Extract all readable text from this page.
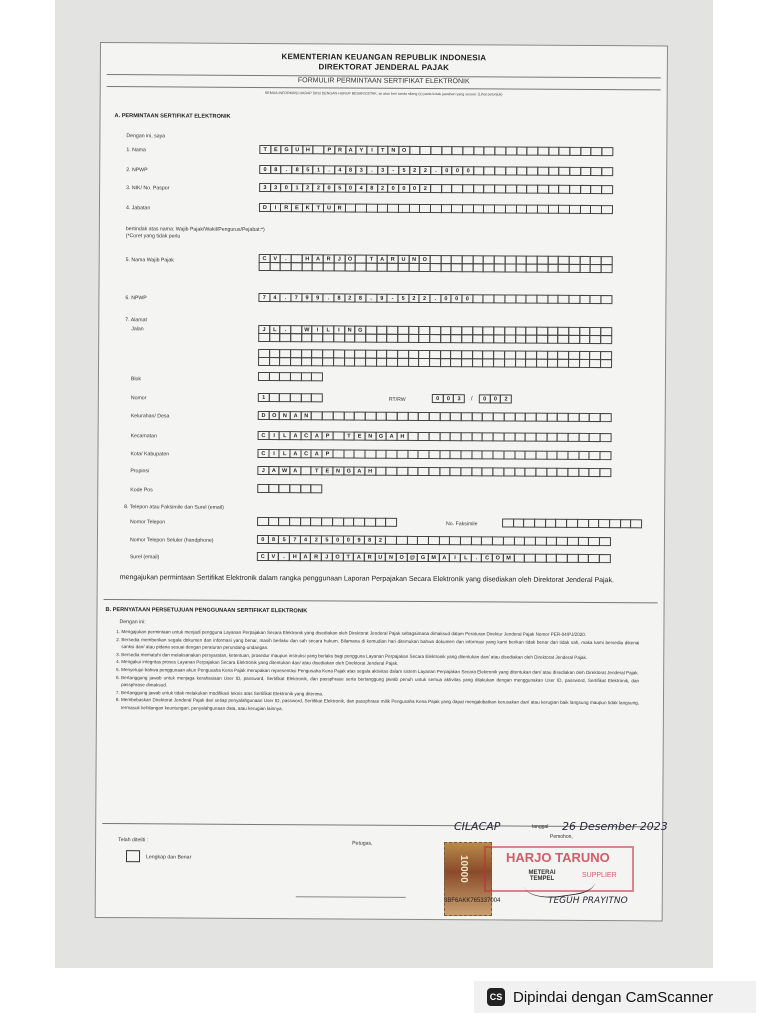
KEMENTERIAN KEUANGAN REPUBLIK INDONESIA
DIREKTORAT JENDERAL PAJAK
FORMULIR PERMINTAAN SERTIFIKAT ELEKTRONIK
SEMUA INFORMASI HARAP DIISI DENGAN HURUF BESAR/CETAK, isi atau beri tanda silang (x) pada kotak jawaban yang sesuai. (Lihat petunjuk)
A. PERMINTAAN SERTIFIKAT ELEKTRONIK
Dengan ini, saya
1. Nama	T	E	G	U	H	P	R	A	Y	I	T	N	O
2. NPWP	0	8	.	8	5	1	.	4	8	3	.	3	-	5	2	2	.	0	0	0
3. NIK/ No. Paspor	3	3	0	1	2	2	0	5	0	4	8	2	0	0	0	2
4. Jabatan	D	I	R	E	K	T	U	R
bertindak atas nama: Wajib Pajak/Wakil/Pengurus/Pejabat:*)
(*Coret yang tidak perlu
5. Nama Wajib Pajak	C	V	.	H	A	R	J	O	T	A	R	U	N	O
6. NPWP	7	4	.	7	9	9	.	8	2	8	.	9	-	5	2	2	.	0	0	0
7. Alamat
Jalan	J	L	.	W	I	L	I	N	G
Blok
Nomor	1	RT/RW	0	0	3	/	0	0	2
Kelurahan/ Desa	D	O	N	A	N
Kecamatan	C	I	L	A	C	A	P	T	E	N	G	A	H
Kota/ Kabupaten	C	I	L	A	C	A	P
Propinsi	J	A	W	A	T	E	N	G	A	H
Kode Pos
8. Telepon atau Faksimile dan Surel (email)
Nomor Telepon	No. Faksimile
Nomor Telepon Seluler (handphone)	0	8	5	7	4	2	5	0	0	9	8	2
Surel (email)	C	V	.	H	A	R	J	O	T	A	R	U	N	O	@	G	M	A	I	L	.	C	O	M
mengajukan permintaan Sertifikat Elektronik dalam rangka penggunaan Laporan Perpajakan Secara Elektronik yang disediakan oleh Direktorat Jenderal Pajak.
B. PERNYATAAN PERSETUJUAN PENGGUNAAN SERTIFIKAT ELEKTRONIK
Dengan ini:
1. Mengajukan permintaan untuk menjadi pengguna Layanan Perpajakan Secara Elektronik yang disediakan oleh Direktorat Jenderal Pajak sebagaimana dimaksud dalam Peraturan Direktur Jenderal Pajak Nomor PER-04/PJ/2020.
2. Bersedia memberikan segala dokumen dan informasi yang benar, masih berlaku dan sah secara hukum. Bilamana di kemudian hari ditemukan bahwa dokumen dan informasi yang kami berikan tidak benar dan tidak sah, maka kami bersedia dikenai sanksi dan/ atau pidana sesuai dengan peraturan perundang-undangan.
3. Bersedia mematuhi dan melaksanakan persyaratan, ketentuan, prosedur maupun instruksi yang berlaku bagi pengguna Layanan Perpajakan Secara Elektronik yang ditentukan dan/ atau disediakan oleh Direktorat Jenderal Pajak.
4. Mengakui integritas proses Layanan Perpajakan Secara Elektronik yang ditentukan dan/ atau disediakan oleh Direktorat Jenderal Pajak.
5. Menyetujui bahwa penggunaan akun Pengusaha Kena Pajak merupakan representasi Pengusaha Kena Pajak atas segala aktivitas dalam sistem Layanan Perpajakan Secara Elektronik yang ditentukan dan/ atau disediakan oleh Direktorat Jenderal Pajak.
6. Bertanggung jawab untuk menjaga kerahasiaan User ID, password, Sertifikat Elektronik, dan passphrase serta bertanggung jawab penuh untuk semua aktivitas yang dilakukan dengan menggunakan User ID, password, Sertifikat Elektronik, dan passphrase dimaksud.
7. Bertanggung jawab untuk tidak melakukan modifikasi teknis atas Sertifikat Elektronik yang diterima.
8. Membebaskan Direktorat Jenderal Pajak dari setiap penyalahgunaan User ID, password, Sertifikat Elektronik, dan passphrase milik Pengusaha Kena Pajak yang dapat mengakibatkan kerusakan dan/ atau kerugian baik langsung maupun tidak langsung, termasuk kehilangan keuntungan, penyalahgunaan data, atau kerugian lainnya.
Telah diteliti :
Lengkap dan Benar
Petugas,
CILACAP	tanggal 26 Desember 2023
Pemohon,
10000	HARJO TARUNO
SUPPLIER
METERAI TEMPEL
3BF6AKK765337004	TEGUH PRAYITNO
CS Dipindai dengan CamScanner
